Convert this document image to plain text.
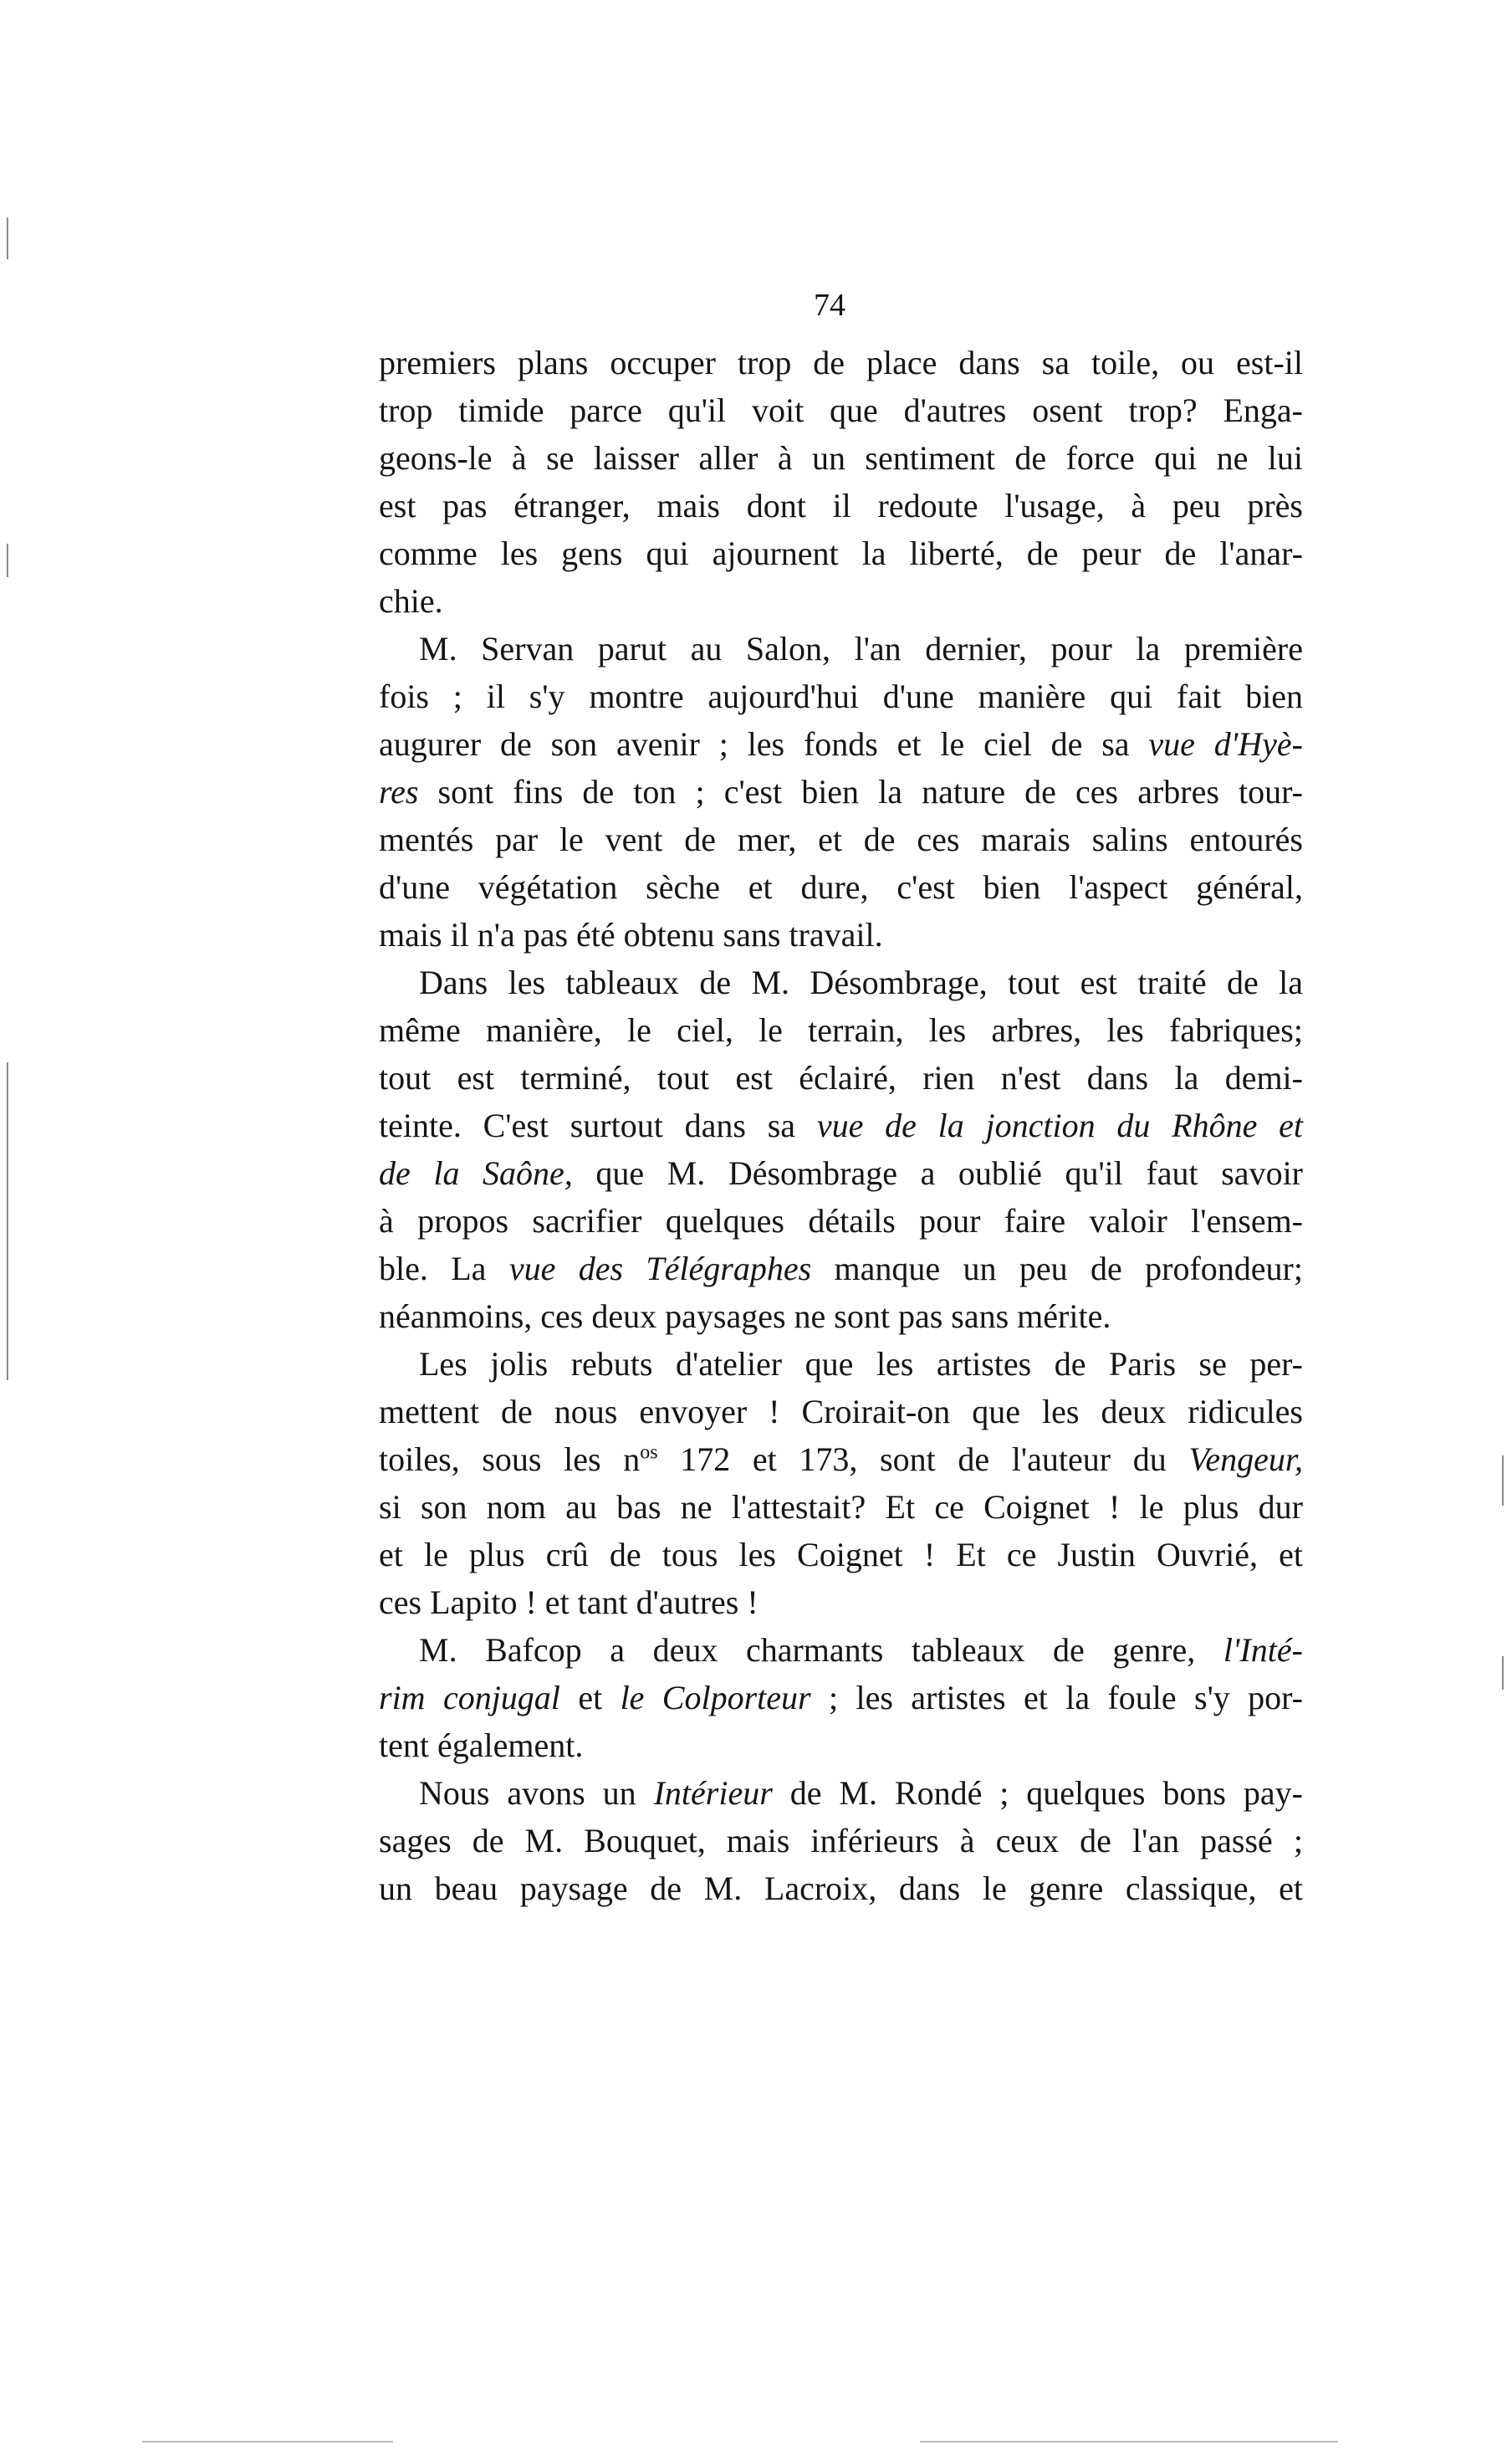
74
premiers plans occuper trop de place dans sa toile, ou est-il
trop timide parce qu'il voit que d'autres osent trop? Enga-
geons-le à se laisser aller à un sentiment de force qui ne lui
est pas étranger, mais dont il redoute l'usage, à peu près
comme les gens qui ajournent la liberté, de peur de l'anar-
chie.
M. Servan parut au Salon, l'an dernier, pour la première
fois ; il s'y montre aujourd'hui d'une manière qui fait bien
augurer de son avenir ; les fonds et le ciel de sa vue d'Hyè-
res sont fins de ton ; c'est bien la nature de ces arbres tour-
mentés par le vent de mer, et de ces marais salins entourés
d'une végétation sèche et dure, c'est bien l'aspect général,
mais il n'a pas été obtenu sans travail.
Dans les tableaux de M. Désombrage, tout est traité de la
même manière, le ciel, le terrain, les arbres, les fabriques;
tout est terminé, tout est éclairé, rien n'est dans la demi-
teinte. C'est surtout dans sa vue de la jonction du Rhône et
de la Saône, que M. Désombrage a oublié qu'il faut savoir
à propos sacrifier quelques détails pour faire valoir l'ensem-
ble. La vue des Télégraphes manque un peu de profondeur;
néanmoins, ces deux paysages ne sont pas sans mérite.
Les jolis rebuts d'atelier que les artistes de Paris se per-
mettent de nous envoyer ! Croirait-on que les deux ridicules
toiles, sous les $n^{os}$ 172 et 173, sont de l'auteur du Vengeur,
si son nom au bas ne l'attestait? Et ce Coignet ! le plus dur
et le plus crû de tous les Coignet ! Et ce Justin Ouvrié, et
ces Lapito ! et tant d'autres !
M. Bafcop a deux charmants tableaux de genre, l'Inté-
rim conjugal et le Colporteur ; les artistes et la foule s'y por-
tent également.
Nous avons un Intérieur de M. Rondé ; quelques bons pay-
sages de M. Bouquet, mais inférieurs à ceux de l'an passé ;
un beau paysage de M. Lacroix, dans le genre classique, et
